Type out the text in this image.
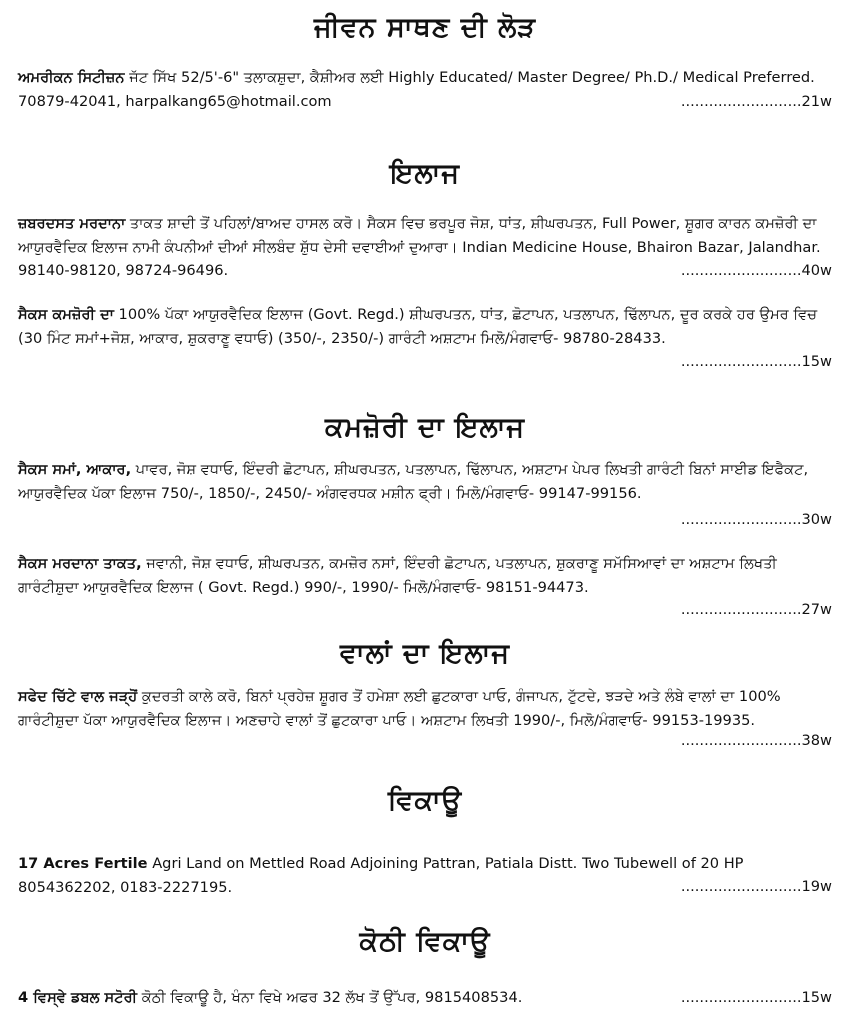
ਜੀਵਨ ਸਾਥਣ ਦੀ ਲੋੜ

ਅਮਰੀਕਨ ਸਿਟੀਜ਼ਨ ਜੱਟ ਸਿੱਖ 52/5'-6" ਤਲਾਕਸ਼ੁਦਾ, ਕੈਸ਼ੀਅਰ ਲਈ Highly Educated/ Master Degree/ Ph.D./ Medical Preferred. 70879-42041, harpalkang65@hotmail.com	..........................21w
ਇਲਾਜ

ਜ਼ਬਰਦਸਤ ਮਰਦਾਨਾ ਤਾਕਤ ਸ਼ਾਦੀ ਤੋਂ ਪਹਿਲਾਂ/ਬਾਅਦ ਹਾਸਲ ਕਰੋ। ਸੈਕਸ ਵਿਚ ਭਰਪੂਰ ਜੋਸ਼, ਧਾਂਤ, ਸ਼ੀਘਰਪਤਨ, Full Power, ਸ਼ੂਗਰ ਕਾਰਨ ਕਮਜ਼ੋਰੀ ਦਾ ਆਯੁਰਵੈਦਿਕ ਇਲਾਜ ਨਾਮੀ ਕੰਪਨੀਆਂ ਦੀਆਂ ਸੀਲਬੰਦ ਸ਼ੁੱਧ ਦੇਸੀ ਦਵਾਈਆਂ ਦੁਆਰਾ। Indian Medicine House, Bhairon Bazar, Jalandhar. 98140-98120, 98724-96496.	..........................40w

ਸੈਕਸ ਕਮਜ਼ੋਰੀ ਦਾ 100% ਪੱਕਾ ਆਯੁਰਵੈਦਿਕ ਇਲਾਜ (Govt. Regd.) ਸ਼ੀਘਰਪਤਨ, ਧਾਂਤ, ਛੋਟਾਪਨ, ਪਤਲਾਪਨ, ਢਿੱਲਾਪਨ, ਦੂਰ ਕਰਕੇ ਹਰ ਉਮਰ ਵਿਚ (30 ਮਿੰਟ ਸਮਾਂ+ਜੋਸ਼, ਆਕਾਰ, ਸ਼ੁਕਰਾਣੂ ਵਧਾਓ) (350/-, 2350/-) ਗਾਰੰਟੀ ਅਸ਼ਟਾਮ ਮਿਲੋ/ਮੰਗਵਾਓ- 98780-28433.

..........................15w
ਕਮਜ਼ੋਰੀ ਦਾ ਇਲਾਜ

ਸੈਕਸ ਸਮਾਂ, ਆਕਾਰ, ਪਾਵਰ, ਜੋਸ਼ ਵਧਾਓ, ਇੰਦਰੀ ਛੋਟਾਪਨ, ਸ਼ੀਘਰਪਤਨ, ਪਤਲਾਪਨ, ਢਿੱਲਾਪਨ, ਅਸ਼ਟਾਮ ਪੇਪਰ ਲਿਖਤੀ ਗਾਰੰਟੀ ਬਿਨਾਂ ਸਾਈਡ ਇਫੈਕਟ, ਆਯੁਰਵੈਦਿਕ ਪੱਕਾ ਇਲਾਜ 750/-, 1850/-, 2450/- ਅੰਗਵਰਧਕ ਮਸ਼ੀਨ ਫ੍ਰੀ। ਮਿਲੋ/ਮੰਗਵਾਓ- 99147-99156.

..........................30w

ਸੈਕਸ ਮਰਦਾਨਾ ਤਾਕਤ, ਜਵਾਨੀ, ਜੋਸ਼ ਵਧਾਓ, ਸ਼ੀਘਰਪਤਨ, ਕਮਜ਼ੋਰ ਨਸਾਂ, ਇੰਦਰੀ ਛੋਟਾਪਨ, ਪਤਲਾਪਨ, ਸ਼ੁਕਰਾਣੂ ਸਮੱਸਿਆਵਾਂ ਦਾ ਅਸ਼ਟਾਮ ਲਿਖਤੀ ਗਾਰੰਟੀਸ਼ੁਦਾ ਆਯੁਰਵੈਦਿਕ ਇਲਾਜ ( Govt. Regd.) 990/-, 1990/- ਮਿਲੋ/ਮੰਗਵਾਓ- 98151-94473.

..........................27w
ਵਾਲਾਂ ਦਾ ਇਲਾਜ

ਸਫੇਦ ਚਿੱਟੇ ਵਾਲ ਜੜ੍ਹੋਂ ਕੁਦਰਤੀ ਕਾਲੇ ਕਰੋ, ਬਿਨਾਂ ਪ੍ਰਹੇਜ਼ ਸ਼ੂਗਰ ਤੋਂ ਹਮੇਸ਼ਾ ਲਈ ਛੁਟਕਾਰਾ ਪਾਓ, ਗੰਜਾਪਨ, ਟੁੱਟਦੇ, ਝੜਦੇ ਅਤੇ ਲੰਬੇ ਵਾਲਾਂ ਦਾ 100% ਗਾਰੰਟੀਸ਼ੁਦਾ ਪੱਕਾ ਆਯੁਰਵੈਦਿਕ ਇਲਾਜ। ਅਣਚਾਹੇ ਵਾਲਾਂ ਤੋਂ ਛੁਟਕਾਰਾ ਪਾਓ। ਅਸ਼ਟਾਮ ਲਿਖਤੀ 1990/-, ਮਿਲੋ/ਮੰਗਵਾਓ- 99153-19935.

..........................38w
ਵਿਕਾਊ

17 Acres Fertile Agri Land on Mettled Road Adjoining Pattran, Patiala Distt. Two Tubewell of 20 HP 8054362202, 0183-2227195.	..........................19w
ਕੋਠੀ ਵਿਕਾਊ

4 ਵਿਸ੍ਵੇ ਡਬਲ ਸਟੋਰੀ ਕੋਠੀ ਵਿਕਾਊ ਹੈ, ਖੰਨਾ ਵਿਖੇ ਅਫਰ 32 ਲੱਖ ਤੋਂ ਉੱਪਰ, 9815408534.	..........................15w
